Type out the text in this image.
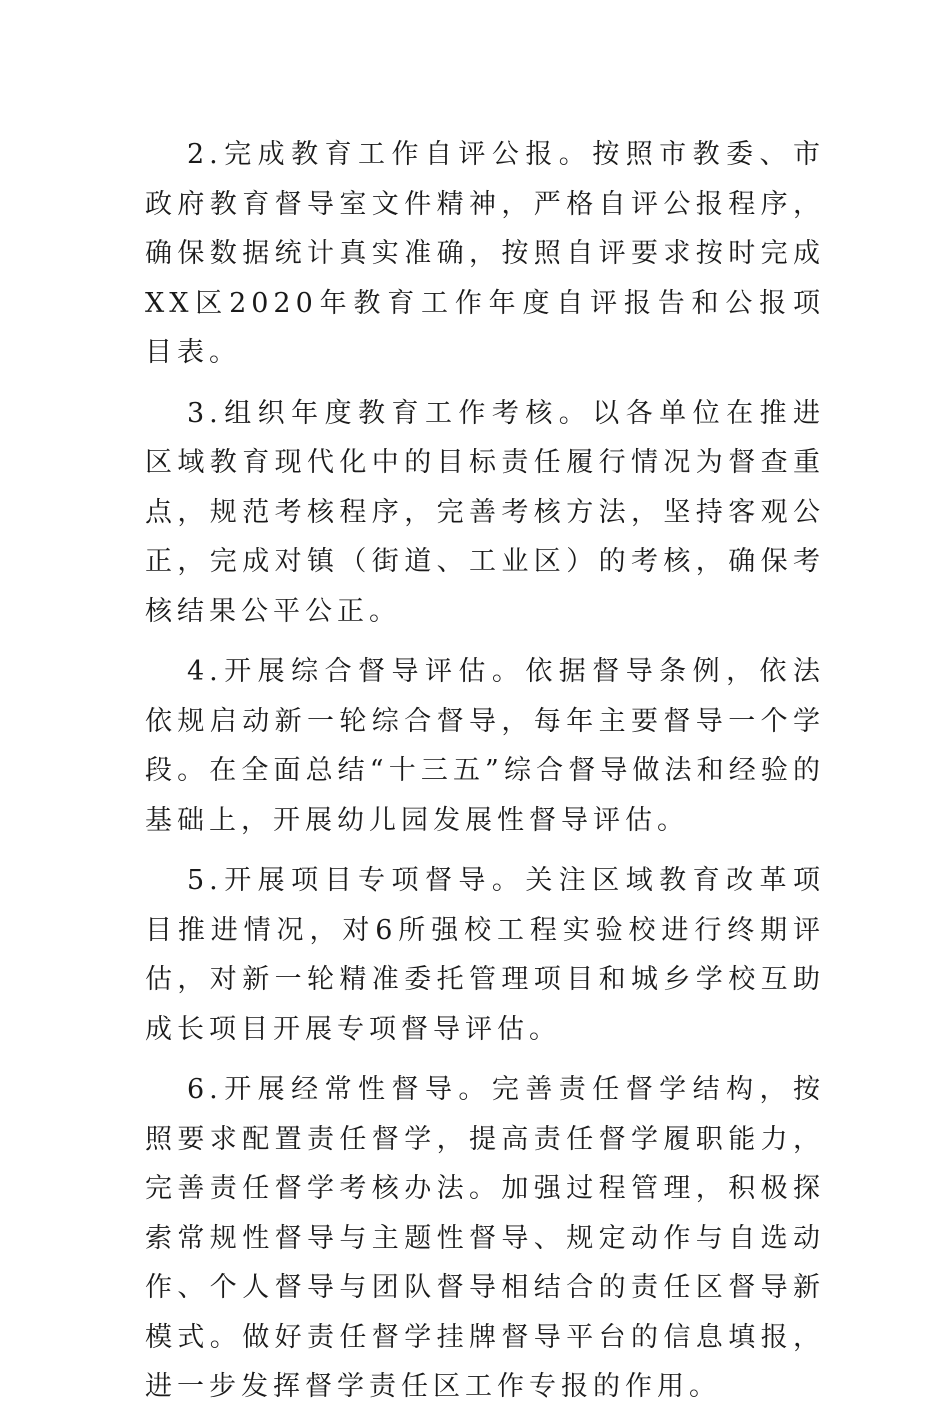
2.完成教育工作自评公报。按照市教委、市政府教育督导室文件精神，严格自评公报程序，确保数据统计真实准确，按照自评要求按时完成XX区2020年教育工作年度自评报告和公报项目表。

3.组织年度教育工作考核。以各单位在推进区域教育现代化中的目标责任履行情况为督查重点，规范考核程序，完善考核方法，坚持客观公正，完成对镇（街道、工业区）的考核，确保考核结果公平公正。

4.开展综合督导评估。依据督导条例，依法依规启动新一轮综合督导，每年主要督导一个学段。在全面总结“十三五”综合督导做法和经验的基础上，开展幼儿园发展性督导评估。

5.开展项目专项督导。关注区域教育改革项目推进情况，对6所强校工程实验校进行终期评估，对新一轮精准委托管理项目和城乡学校互助成长项目开展专项督导评估。

6.开展经常性督导。完善责任督学结构，按照要求配置责任督学，提高责任督学履职能力，完善责任督学考核办法。加强过程管理，积极探索常规性督导与主题性督导、规定动作与自选动作、个人督导与团队督导相结合的责任区督导新模式。做好责任督学挂牌督导平台的信息填报，进一步发挥督学责任区工作专报的作用。
